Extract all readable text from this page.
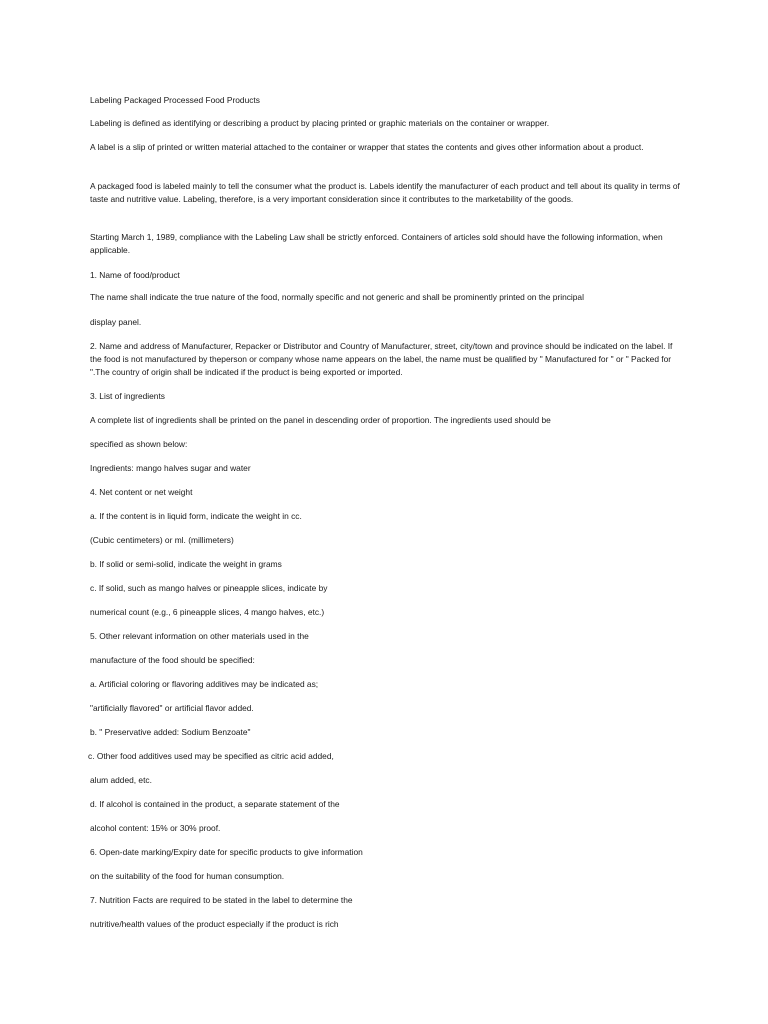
Labeling Packaged Processed Food Products
Labeling is defined as identifying or describing a product by placing printed or graphic materials on the container or wrapper.
A label is a slip of printed or written material attached to the container or wrapper that states the contents and gives other information about a product.
A packaged food is labeled mainly to tell the consumer what the product is. Labels identify the manufacturer of each product and tell about its quality in terms of taste and nutritive value. Labeling, therefore, is a very important consideration since it contributes to the marketability of the goods.
Starting March 1, 1989, compliance with the Labeling Law shall be strictly enforced. Containers of articles sold should have the following information, when applicable.
1. Name of food/product
The name shall indicate the true nature of the food, normally specific and not generic and shall be prominently printed on the principal
display panel.
2. Name and address of Manufacturer, Repacker or Distributor and Country of Manufacturer, street, city/town and province should be indicated on the label. If the food is not manufactured by theperson or company whose name appears on the label, the name must be qualified by " Manufactured for " or " Packed for ".The country of origin shall be indicated if the product is being exported or imported.
3. List of ingredients
A complete list of ingredients shall be printed on the panel in descending order of proportion. The ingredients used should be
specified as shown below:
Ingredients: mango halves sugar and water
4. Net content or net weight
a. If the content is in liquid form, indicate the weight in cc.
(Cubic centimeters) or ml. (millimeters)
b. If solid or semi-solid, indicate the weight in grams
c. If solid, such as mango halves or pineapple slices, indicate by
numerical count (e.g., 6 pineapple slices, 4 mango halves, etc.)
5. Other relevant information on other materials used in the
manufacture of the food should be specified:
a. Artificial coloring or flavoring additives may be indicated as;
"artificially flavored" or artificial flavor added.
b. " Preservative added: Sodium Benzoate"
c. Other food additives used may be specified as citric acid added,
alum added, etc.
d. If alcohol is contained in the product, a separate statement of the
alcohol content: 15% or 30% proof.
6. Open-date marking/Expiry date for specific products to give information
on the suitability of the food for human consumption.
7. Nutrition Facts are required to be stated in the label to determine the
nutritive/health values of the product especially if the product is rich
